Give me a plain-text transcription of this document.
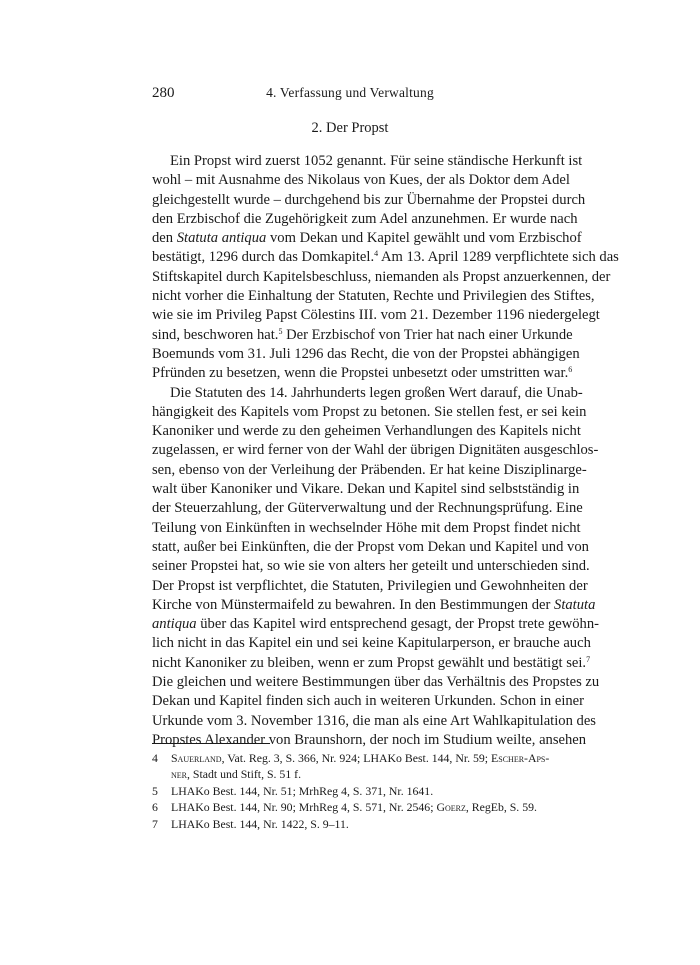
280	4. Verfassung und Verwaltung
2. Der Propst
Ein Propst wird zuerst 1052 genannt. Für seine ständische Herkunft ist
wohl – mit Ausnahme des Nikolaus von Kues, der als Doktor dem Adel
gleichgestellt wurde – durchgehend bis zur Übernahme der Propstei durch
den Erzbischof die Zugehörigkeit zum Adel anzunehmen. Er wurde nach
den Statuta antiqua vom Dekan und Kapitel gewählt und vom Erzbischof
bestätigt, 1296 durch das Domkapitel.$^4$ Am 13. April 1289 verpflichtete sich das
Stiftskapitel durch Kapitelsbeschluss, niemanden als Propst anzuerkennen, der
nicht vorher die Einhaltung der Statuten, Rechte und Privilegien des Stiftes,
wie sie im Privileg Papst Cölestins III. vom 21. Dezember 1196 niedergelegt
sind, beschworen hat.$^5$ Der Erzbischof von Trier hat nach einer Urkunde
Boemunds vom 31. Juli 1296 das Recht, die von der Propstei abhängigen
Pfründen zu besetzen, wenn die Propstei unbesetzt oder umstritten war.$^6$
Die Statuten des 14. Jahrhunderts legen großen Wert darauf, die Unab-
hängigkeit des Kapitels vom Propst zu betonen. Sie stellen fest, er sei kein
Kanoniker und werde zu den geheimen Verhandlungen des Kapitels nicht
zugelassen, er wird ferner von der Wahl der übrigen Dignitäten ausgeschlos-
sen, ebenso von der Verleihung der Präbenden. Er hat keine Disziplinarge-
walt über Kanoniker und Vikare. Dekan und Kapitel sind selbstständig in
der Steuerzahlung, der Güterverwaltung und der Rechnungsprüfung. Eine
Teilung von Einkünften in wechselnder Höhe mit dem Propst findet nicht
statt, außer bei Einkünften, die der Propst vom Dekan und Kapitel und von
seiner Propstei hat, so wie sie von alters her geteilt und unterschieden sind.
Der Propst ist verpflichtet, die Statuten, Privilegien und Gewohnheiten der
Kirche von Münstermaifeld zu bewahren. In den Bestimmungen der Statuta
antiqua über das Kapitel wird entsprechend gesagt, der Propst trete gewöhn-
lich nicht in das Kapitel ein und sei keine Kapitularperson, er brauche auch
nicht Kanoniker zu bleiben, wenn er zum Propst gewählt und bestätigt sei.$^7$
Die gleichen und weitere Bestimmungen über das Verhältnis des Propstes zu
Dekan und Kapitel finden sich auch in weiteren Urkunden. Schon in einer
Urkunde vom 3. November 1316, die man als eine Art Wahlkapitulation des
Propstes Alexander von Braunshorn, der noch im Studium weilte, ansehen
4 Sauerland, Vat. Reg. 3, S. 366, Nr. 924; LHAKo Best. 144, Nr. 59; Escher-Aps-
ner, Stadt und Stift, S. 51 f.
5 LHAKo Best. 144, Nr. 51; MrhReg 4, S. 371, Nr. 1641.
6 LHAKo Best. 144, Nr. 90; MrhReg 4, S. 571, Nr. 2546; Goerz, RegEb, S. 59.
7 LHAKo Best. 144, Nr. 1422, S. 9–11.
